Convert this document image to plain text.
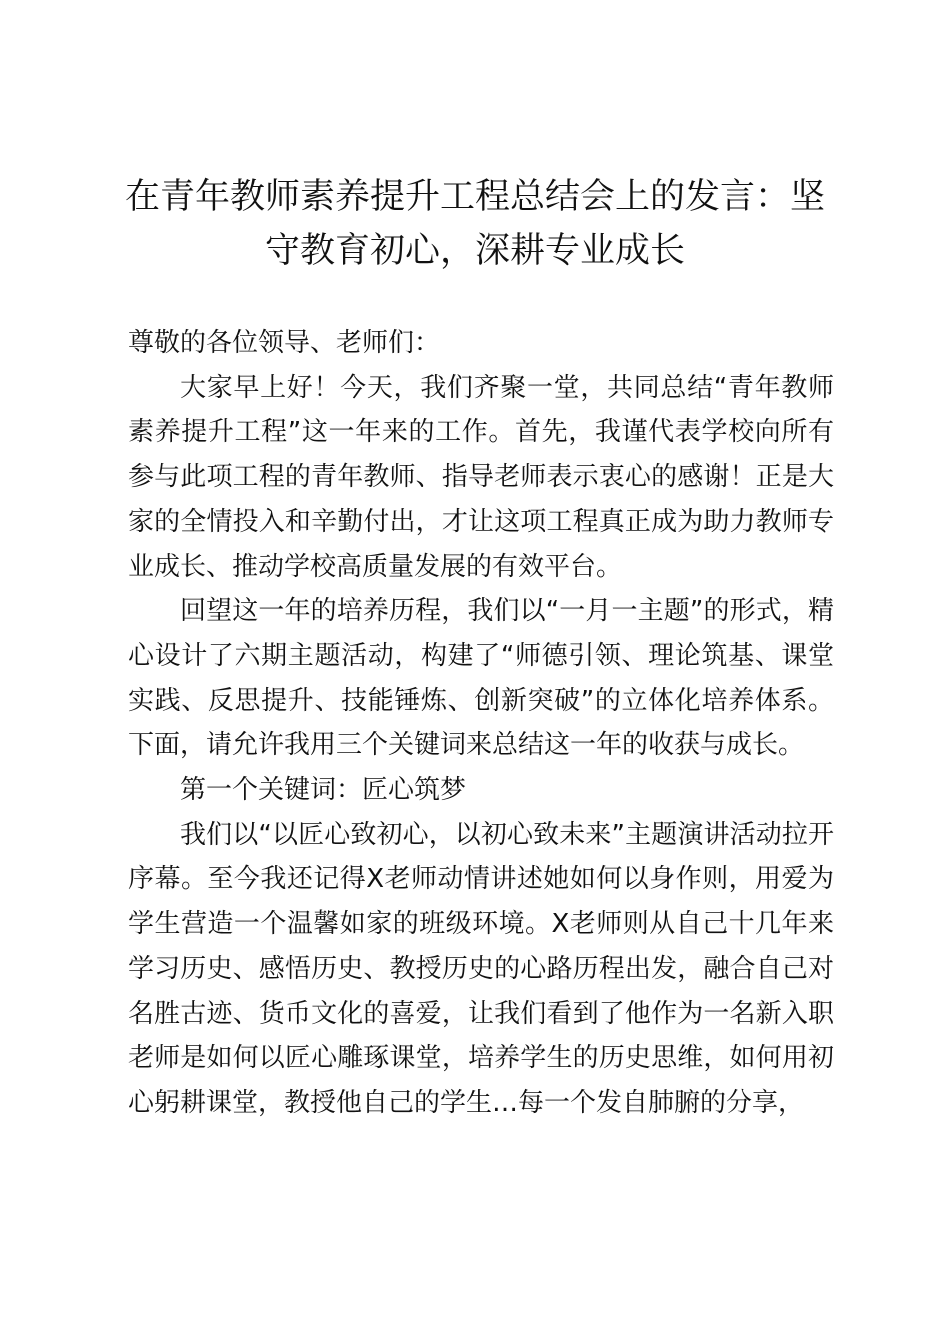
在青年教师素养提升工程总结会上的发言：坚守教育初心，深耕专业成长

尊敬的各位领导、老师们：

大家早上好！今天，我们齐聚一堂，共同总结“青年教师素养提升工程”这一年来的工作。首先，我谨代表学校向所有参与此项工程的青年教师、指导老师表示衷心的感谢！正是大家的全情投入和辛勤付出，才让这项工程真正成为助力教师专业成长、推动学校高质量发展的有效平台。

回望这一年的培养历程，我们以“一月一主题”的形式，精心设计了六期主题活动，构建了“师德引领、理论筑基、课堂实践、反思提升、技能锤炼、创新突破”的立体化培养体系。下面，请允许我用三个关键词来总结这一年的收获与成长。

第一个关键词：匠心筑梦

我们以“以匠心致初心，以初心致未来”主题演讲活动拉开序幕。至今我还记得X老师动情讲述她如何以身作则，用爱为学生营造一个温馨如家的班级环境。X老师则从自己十几年来学习历史、感悟历史、教授历史的心路历程出发，融合自己对名胜古迹、货币文化的喜爱，让我们看到了他作为一名新入职老师是如何以匠心雕琢课堂，培养学生的历史思维，如何用初心躬耕课堂，教授他自己的学生…每一个发自肺腑的分享，
